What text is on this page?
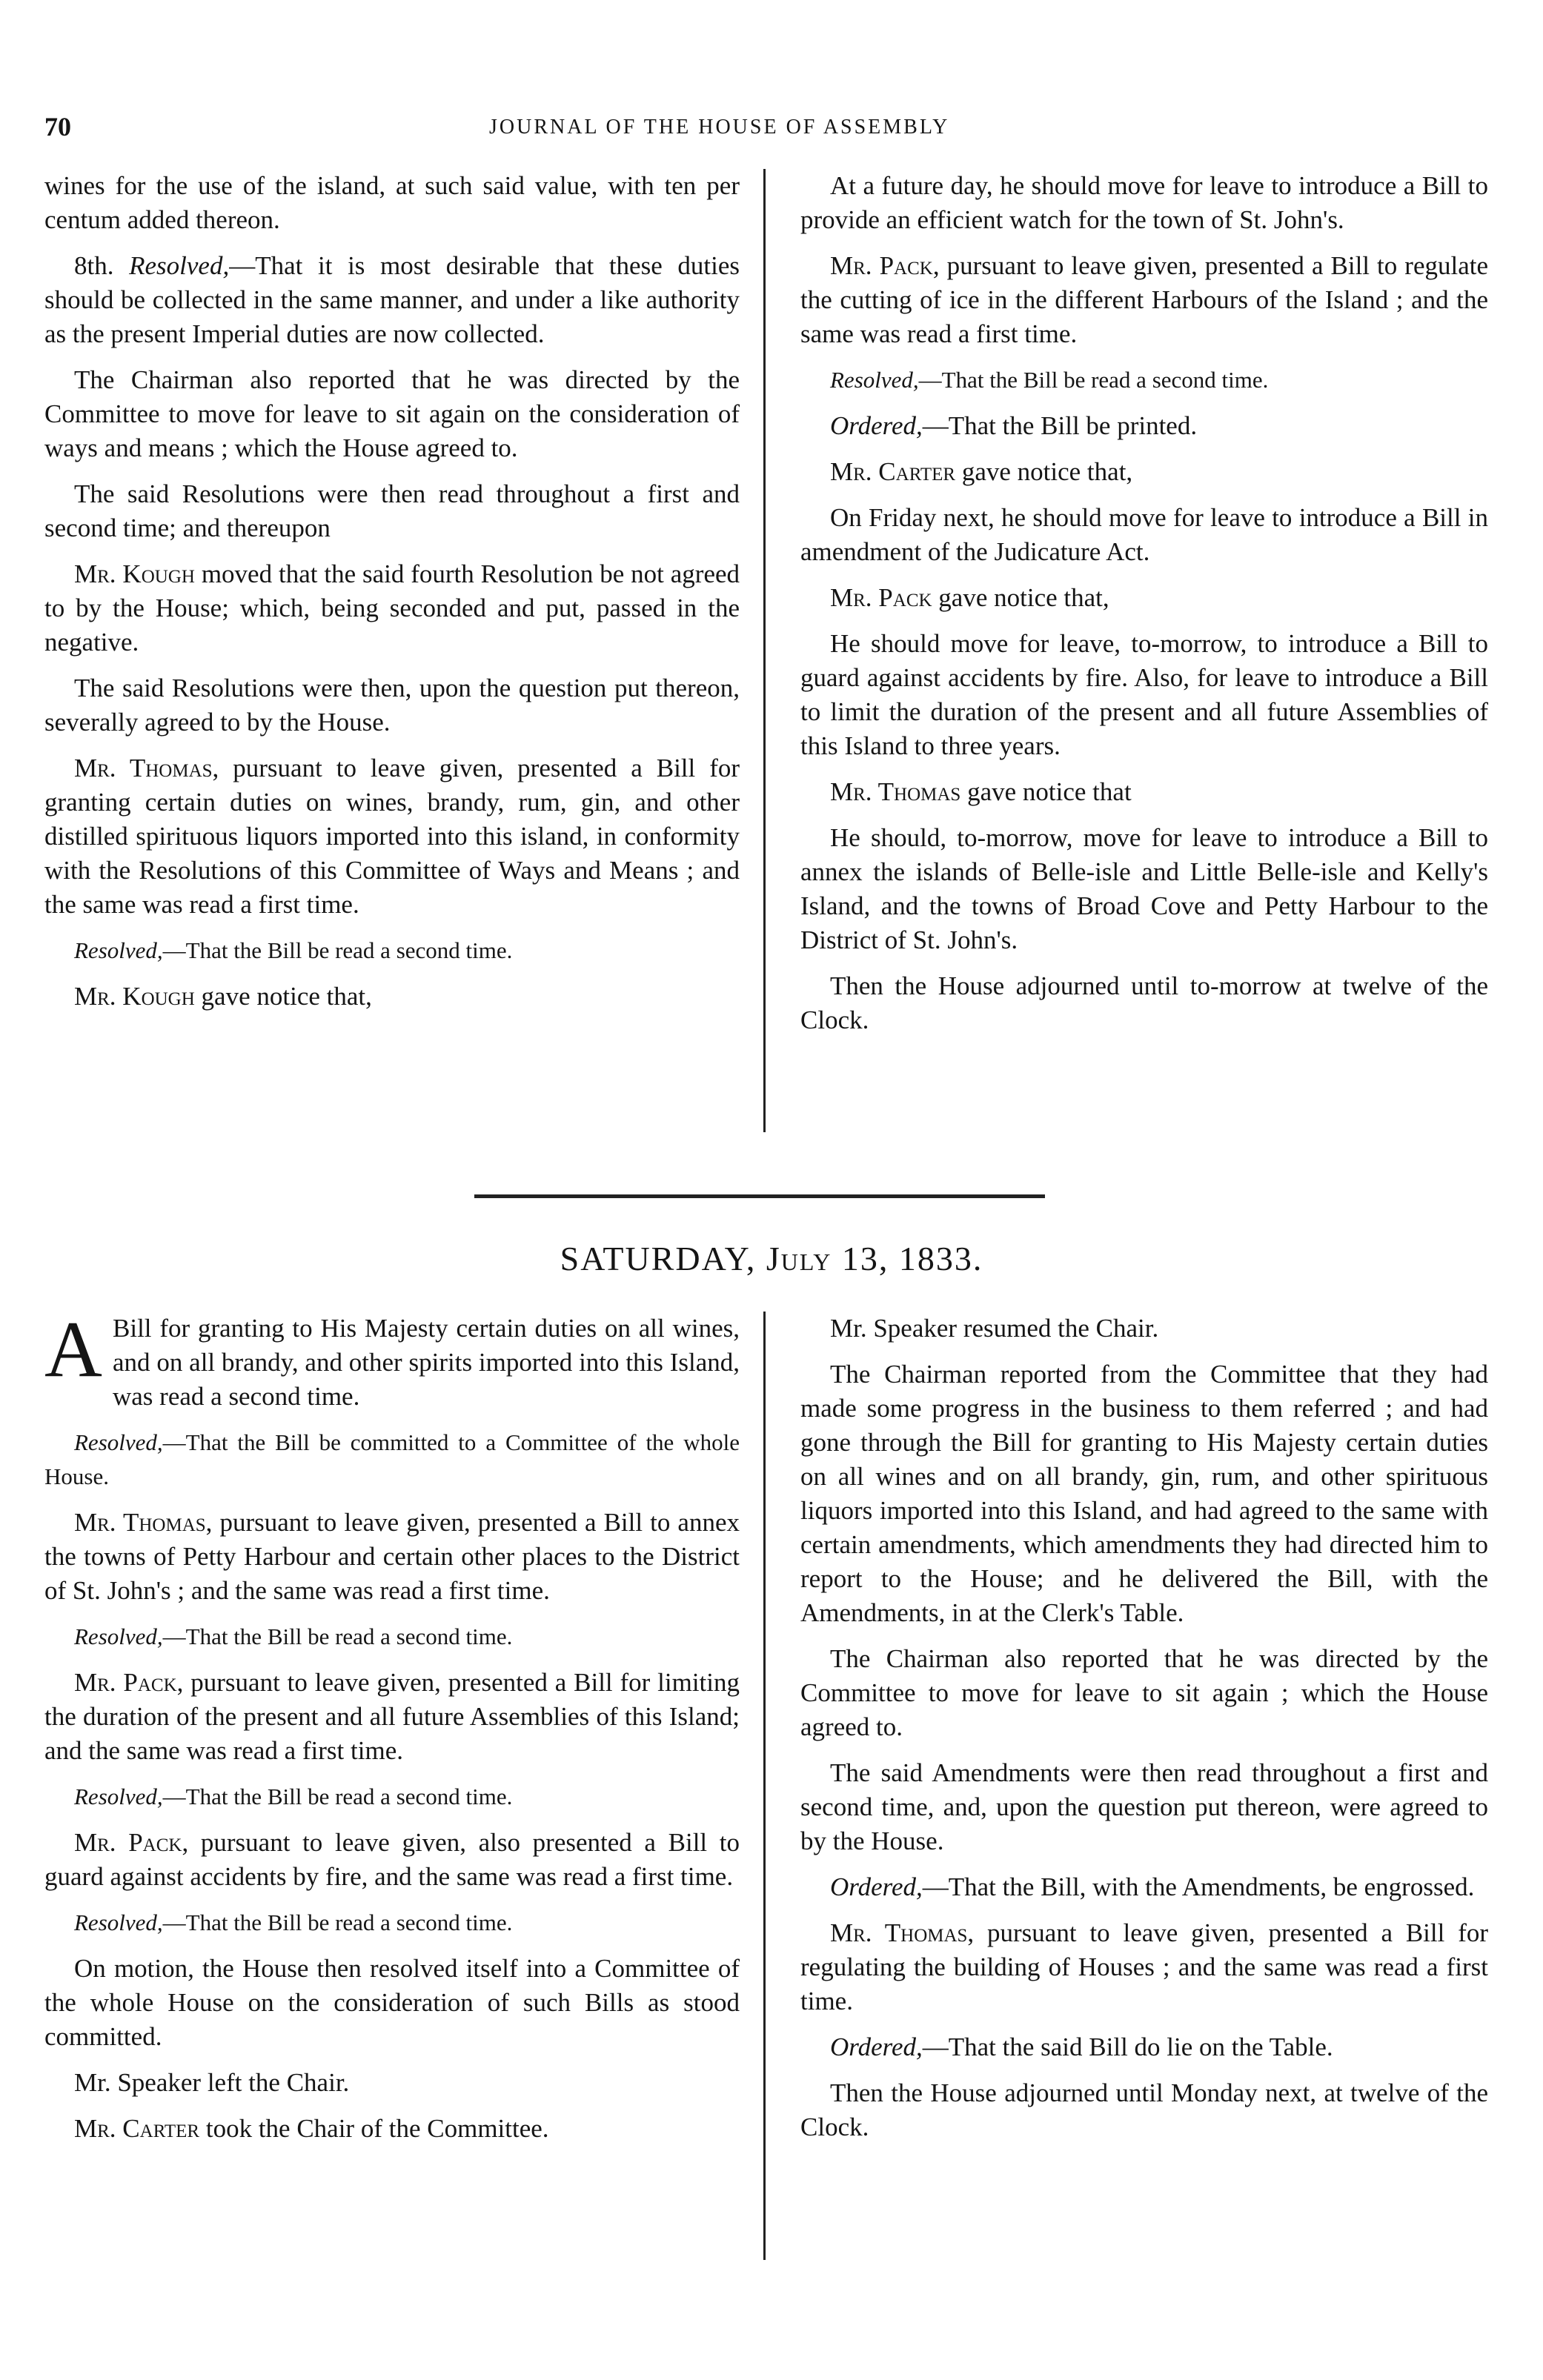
70	JOURNAL OF THE HOUSE OF ASSEMBLY

wines for the use of the island, at such said value, with ten per centum added thereon.

8th. Resolved,—That it is most desirable that these duties should be collected in the same manner, and under a like authority as the present Imperial duties are now collected.

The Chairman also reported that he was directed by the Committee to move for leave to sit again on the consideration of ways and means ; which the House agreed to.

The said Resolutions were then read throughout a first and second time; and thereupon

Mr. Kough moved that the said fourth Resolution be not agreed to by the House; which, being seconded and put, passed in the negative.

The said Resolutions were then, upon the question put thereon, severally agreed to by the House.

Mr. Thomas, pursuant to leave given, presented a Bill for granting certain duties on wines, brandy, rum, gin, and other distilled spirituous liquors imported into this island, in conformity with the Resolutions of this Committee of Ways and Means ; and the same was read a first time.

Resolved,—That the Bill be read a second time.

Mr. Kough gave notice that,

At a future day, he should move for leave to introduce a Bill to provide an efficient watch for the town of St. John's.

Mr. Pack, pursuant to leave given, presented a Bill to regulate the cutting of ice in the different Harbours of the Island ; and the same was read a first time.

Resolved,—That the Bill be read a second time.

Ordered,—That the Bill be printed.

Mr. Carter gave notice that,

On Friday next, he should move for leave to introduce a Bill in amendment of the Judicature Act.

Mr. Pack gave notice that,

He should move for leave, to-morrow, to introduce a Bill to guard against accidents by fire. Also, for leave to introduce a Bill to limit the duration of the present and all future Assemblies of this Island to three years.

Mr. Thomas gave notice that

He should, to-morrow, move for leave to introduce a Bill to annex the islands of Belle-isle and Little Belle-isle and Kelly's Island, and the towns of Broad Cove and Petty Harbour to the District of St. John's.

Then the House adjourned until to-morrow at twelve of the Clock.

SATURDAY, July 13, 1833.

A Bill for granting to His Majesty certain duties on all wines, and on all brandy, and other spirits imported into this Island, was read a second time.

Resolved,—That the Bill be committed to a Committee of the whole House.

Mr. Thomas, pursuant to leave given, presented a Bill to annex the towns of Petty Harbour and certain other places to the District of St. John's ; and the same was read a first time.

Resolved,—That the Bill be read a second time.

Mr. Pack, pursuant to leave given, presented a Bill for limiting the duration of the present and all future Assemblies of this Island; and the same was read a first time.

Resolved,—That the Bill be read a second time.

Mr. Pack, pursuant to leave given, also presented a Bill to guard against accidents by fire, and the same was read a first time.

Resolved,—That the Bill be read a second time.

On motion, the House then resolved itself into a Committee of the whole House on the consideration of such Bills as stood committed.

Mr. Speaker left the Chair.

Mr. Carter took the Chair of the Committee.

Mr. Speaker resumed the Chair.

The Chairman reported from the Committee that they had made some progress in the business to them referred ; and had gone through the Bill for granting to His Majesty certain duties on all wines and on all brandy, gin, rum, and other spirituous liquors imported into this Island, and had agreed to the same with certain amendments, which amendments they had directed him to report to the House; and he delivered the Bill, with the Amendments, in at the Clerk's Table.

The Chairman also reported that he was directed by the Committee to move for leave to sit again ; which the House agreed to.

The said Amendments were then read throughout a first and second time, and, upon the question put thereon, were agreed to by the House.

Ordered,—That the Bill, with the Amendments, be engrossed.

Mr. Thomas, pursuant to leave given, presented a Bill for regulating the building of Houses ; and the same was read a first time.

Ordered,—That the said Bill do lie on the Table.

Then the House adjourned until Monday next, at twelve of the Clock.
